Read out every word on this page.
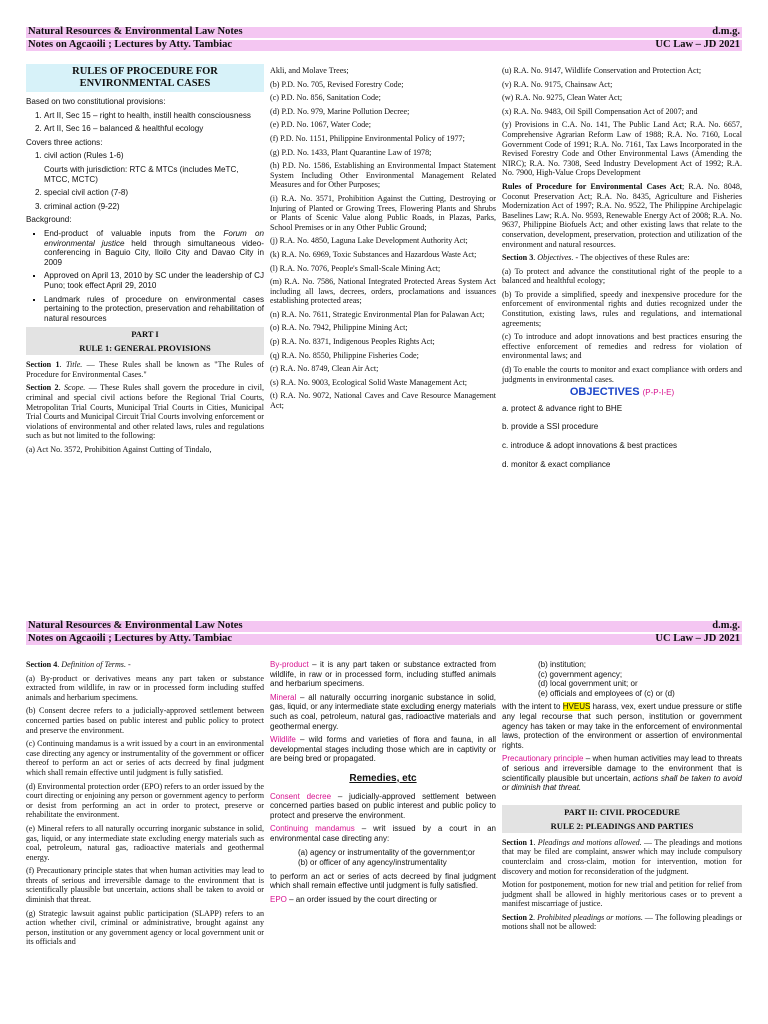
Natural Resources & Environmental Law Notes	d.m.g.
Notes on Agcaoili ; Lectures by Atty. Tambiac	UC Law – JD 2021
RULES OF PROCEDURE FOR ENVIRONMENTAL CASES

Based on two constitutional provisions:

1. Art II, Sec 15 – right to health, instill health consciousness
2. Art II, Sec 16 – balanced & healthful ecology

Covers three actions:

1. civil action (Rules 1-6)

Courts with jurisdiction: RTC & MTCs (includes MeTC, MTCC, MCTC)
2. special civil action (7-8)
3. criminal action (9-22)

Background:

▪ End-product of valuable inputs from the Forum on environmental justice held through simultaneous video-conferencing in Baguio City, Iloilo City and Davao City in 2009
▪ Approved on April 13, 2010 by SC under the leadership of CJ Puno; took effect April 29, 2010
▪ Landmark rules of procedure on environmental cases pertaining to the protection, preservation and rehabilitation of natural resources
PART I
RULE 1: GENERAL PROVISIONS

Section 1. Title. — These Rules shall be known as "The Rules of Procedure for Environmental Cases."

Section 2. Scope. — These Rules shall govern the procedure in civil, criminal and special civil actions before the Regional Trial Courts, Metropolitan Trial Courts, Municipal Trial Courts in Cities, Municipal Trial Courts and Municipal Circuit Trial Courts involving enforcement or violations of environmental and other related laws, rules and regulations such as but not limited to the following:

(a) Act No. 3572, Prohibition Against Cutting of Tindalo,

Akli, and Molave Trees;

(b) P.D. No. 705, Revised Forestry Code;

(c) P.D. No. 856, Sanitation Code;

(d) P.D. No. 979, Marine Pollution Decree;

(e) P.D. No. 1067, Water Code;

(f) P.D. No. 1151, Philippine Environmental Policy of 1977;

(g) P.D. No. 1433, Plant Quarantine Law of 1978;

(h) P.D. No. 1586, Establishing an Environmental Impact Statement System Including Other Environmental Management Related Measures and for Other Purposes;

(i) R.A. No. 3571, Prohibition Against the Cutting, Destroying or Injuring of Planted or Growing Trees, Flowering Plants and Shrubs or Plants of Scenic Value along Public Roads, in Plazas, Parks, School Premises or in any Other Public Ground;

(j) R.A. No. 4850, Laguna Lake Development Authority Act;

(k) R.A. No. 6969, Toxic Substances and Hazardous Waste Act;

(l) R.A. No. 7076, People's Small-Scale Mining Act;

(m) R.A. No. 7586, National Integrated Protected Areas System Act including all laws, decrees, orders, proclamations and issuances establishing protected areas;

(n) R.A. No. 7611, Strategic Environmental Plan for Palawan Act;

(o) R.A. No. 7942, Philippine Mining Act;

(p) R.A. No. 8371, Indigenous Peoples Rights Act;

(q) R.A. No. 8550, Philippine Fisheries Code;

(r) R.A. No. 8749, Clean Air Act;

(s) R.A. No. 9003, Ecological Solid Waste Management Act;

(t) R.A. No. 9072, National Caves and Cave Resource Management Act;

(u) R.A. No. 9147, Wildlife Conservation and Protection Act;

(v) R.A. No. 9175, Chainsaw Act;

(w) R.A. No. 9275, Clean Water Act;

(x) R.A. No. 9483, Oil Spill Compensation Act of 2007; and

(y) Provisions in C.A. No. 141, The Public Land Act; R.A. No. 6657, Comprehensive Agrarian Reform Law of 1988; R.A. No. 7160, Local Government Code of 1991; R.A. No. 7161, Tax Laws Incorporated in the Revised Forestry Code and Other Environmental Laws (Amending the NIRC); R.A. No. 7308, Seed Industry Development Act of 1992; R.A. No. 7900, High-Value Crops Development

Rules of Procedure for Environmental Cases Act; R.A. No. 8048, Coconut Preservation Act; R.A. No. 8435, Agriculture and Fisheries Modernization Act of 1997; R.A. No. 9522, The Philippine Archipelagic Baselines Law; R.A. No. 9593, Renewable Energy Act of 2008; R.A. No. 9637, Philippine Biofuels Act; and other existing laws that relate to the conservation, development, preservation, protection and utilization of the environment and natural resources.

Section 3. Objectives. - The objectives of these Rules are:

(a) To protect and advance the constitutional right of the people to a balanced and healthful ecology;

(b) To provide a simplified, speedy and inexpensive procedure for the enforcement of environmental rights and duties recognized under the Constitution, existing laws, rules and regulations, and international agreements;

(c) To introduce and adopt innovations and best practices ensuring the effective enforcement of remedies and redress for violation of environmental laws; and

(d) To enable the courts to monitor and exact compliance with orders and judgments in environmental cases.

OBJECTIVES (P-P-I-E)

a. protect & advance right to BHE

b. provide a SSI procedure

c. introduce & adopt innovations & best practices

d. monitor & exact compliance

Natural Resources & Environmental Law Notes	d.m.g.
Notes on Agcaoili ; Lectures by Atty. Tambiac	UC Law – JD 2021

Section 4. Definition of Terms. -

(a) By-product or derivatives means any part taken or substance extracted from wildlife, in raw or in processed form including stuffed animals and herbarium specimens.

(b) Consent decree refers to a judicially-approved settlement between concerned parties based on public interest and public policy to protect and preserve the environment.

(c) Continuing mandamus is a writ issued by a court in an environmental case directing any agency or instrumentality of the government or officer thereof to perform an act or series of acts decreed by final judgment which shall remain effective until judgment is fully satisfied.

(d) Environmental protection order (EPO) refers to an order issued by the court directing or enjoining any person or government agency to perform or desist from performing an act in order to protect, preserve or rehabilitate the environment.

(e) Mineral refers to all naturally occurring inorganic substance in solid, gas, liquid, or any intermediate state excluding energy materials such as coal, petroleum, natural gas, radioactive materials and geothermal energy.

(f) Precautionary principle states that when human activities may lead to threats of serious and irreversible damage to the environment that is scientifically plausible but uncertain, actions shall be taken to avoid or diminish that threat.

(g) Strategic lawsuit against public participation (SLAPP) refers to an action whether civil, criminal or administrative, brought against any person, institution or any government agency or local government unit or its officials and

By-product – it is any part taken or substance extracted from wildlife, in raw or in processed form, including stuffed animals and herbarium specimens.

Mineral – all naturally occurring inorganic substance in solid, gas, liquid, or any intermediate state excluding energy materials such as coal, petroleum, natural gas, radioactive materials and geothermal energy.

Wildlife – wild forms and varieties of flora and fauna, in all developmental stages including those which are in captivity or are being bred or propagated.

Remedies, etc

Consent decree – judicially-approved settlement between concerned parties based on public interest and public policy to protect and preserve the environment.

Continuing mandamus – writ issued by a court in an environmental case directing any:

(a) agency or instrumentality of the government;or

(b) or officer of any agency/instrumentality

to perform an act or series of acts decreed by final judgment which shall remain effective until judgment is fully satisfied.

EPO – an order issued by the court directing or

(b) institution;
(c) government agency;
(d) local government unit; or
(e) officials and employees of (c) or (d)

with the intent to HVEUS harass, vex, exert undue pressure or stifle any legal recourse that such person, institution or government agency has taken or may take in the enforcement of environmental laws, protection of the environment or assertion of environmental rights.

Precautionary principle – when human activities may lead to threats of serious and irreversible damage to the environment that is scientifically plausible but uncertain, actions shall be taken to avoid or diminish that threat.

PART II: CIVIL PROCEDURE
RULE 2: PLEADINGS AND PARTIES

Section 1. Pleadings and motions allowed. — The pleadings and motions that may be filed are complaint, answer which may include compulsory counterclaim and cross-claim, motion for intervention, motion for discovery and motion for reconsideration of the judgment.

Motion for postponement, motion for new trial and petition for relief from judgment shall be allowed in highly meritorious cases or to prevent a manifest miscarriage of justice.

Section 2. Prohibited pleadings or motions. — The following pleadings or motions shall not be allowed:
